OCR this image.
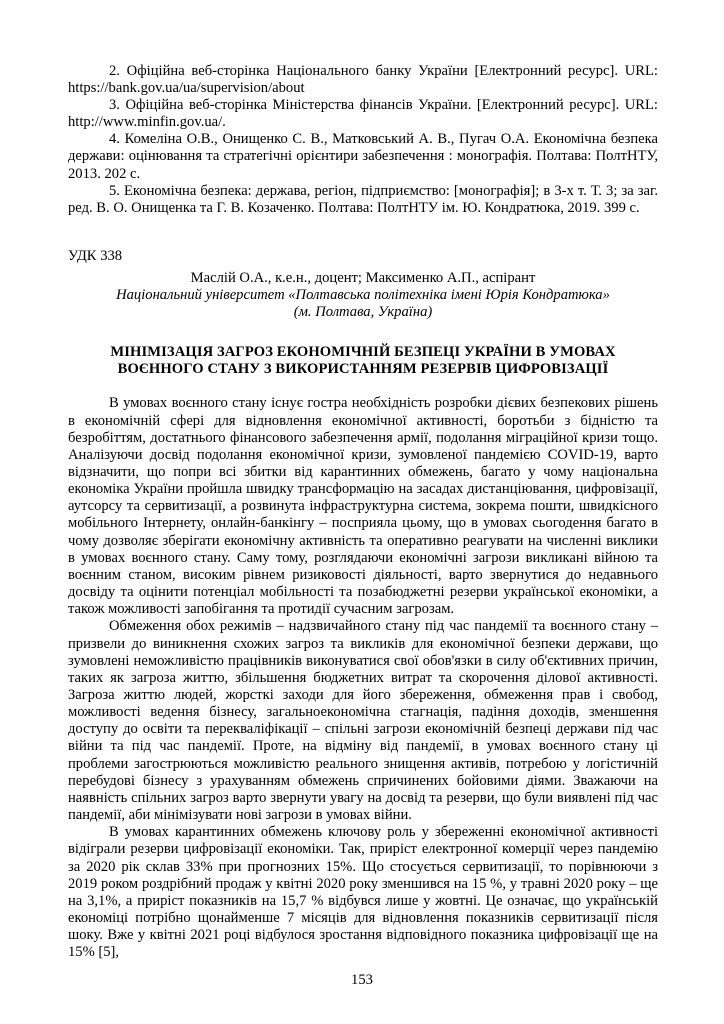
2. Офіційна веб-сторінка Національного банку України [Електронний ресурс]. URL: https://bank.gov.ua/ua/supervision/about

3. Офіційна веб-сторінка Міністерства фінансів України. [Електронний ресурс]. URL: http://www.minfin.gov.ua/.

4. Комеліна О.В., Онищенко С. В., Матковський А. В., Пугач О.А. Економічна безпека держави: оцінювання та стратегічні орієнтири забезпечення : монографія. Полтава: ПолтНТУ, 2013. 202 с.

5. Економічна безпека: держава, регіон, підприємство: [монографія]; в 3-х т. Т. 3; за заг. ред. В. О. Онищенка та Г. В. Козаченко. Полтава: ПолтНТУ ім. Ю. Кондратюка, 2019. 399 с.

УДК 338
Маслій О.А., к.е.н., доцент; Максименко А.П., аспірант
Національний університет «Полтавська політехніка імені Юрія Кондратюка»
(м. Полтава, Україна)
МІНІМІЗАЦІЯ ЗАГРОЗ ЕКОНОМІЧНІЙ БЕЗПЕЦІ УКРАЇНИ В УМОВАХ
ВОЄННОГО СТАНУ З ВИКОРИСТАННЯМ РЕЗЕРВІВ ЦИФРОВІЗАЦІЇ

В умовах воєнного стану існує гостра необхідність розробки дієвих безпекових рішень в економічній сфері для відновлення економічної активності, боротьби з бідністю та безробіттям, достатнього фінансового забезпечення армії, подолання міграційної кризи тощо. Аналізуючи досвід подолання економічної кризи, зумовленої пандемією COVID-19, варто відзначити, що попри всі збитки від карантинних обмежень, багато у чому національна економіка України пройшла швидку трансформацію на засадах дистанціювання, цифровізації, аутсорсу та сервитизації, а розвинута інфраструктурна система, зокрема пошти, швидкісного мобільного Інтернету, онлайн-банкінгу – посприяла цьому, що в умовах сьогодення багато в чому дозволяє зберігати економічну активність та оперативно реагувати на численні виклики в умовах воєнного стану. Саму тому, розглядаючи економічні загрози викликані війною та воєнним станом, високим рівнем ризиковості діяльності, варто звернутися до недавнього досвіду та оцінити потенціал мобільності та позабюджетні резерви української економіки, а також можливості запобігання та протидії сучасним загрозам.

Обмеження обох режимів – надзвичайного стану під час пандемії та воєнного стану – призвели до виникнення схожих загроз та викликів для економічної безпеки держави, що зумовлені неможливістю працівників виконуватися свої обов'язки в силу об'єктивних причин, таких як загроза життю, збільшення бюджетних витрат та скорочення ділової активності. Загроза життю людей, жорсткі заходи для його збереження, обмеження прав і свобод, можливості ведення бізнесу, загальноекономічна стагнація, падіння доходів, зменшення доступу до освіти та перекваліфікації – спільні загрози економічній безпеці держави під час війни та під час пандемії. Проте, на відміну від пандемії, в умовах воєнного стану ці проблеми загострюються можливістю реального знищення активів, потребою у логістичній перебудові бізнесу з урахуванням обмежень спричинених бойовими діями. Зважаючи на наявність спільних загроз варто звернути увагу на досвід та резерви, що були виявлені під час пандемії, аби мінімізувати нові загрози в умовах війни.

В умовах карантинних обмежень ключову роль у збереженні економічної активності відіграли резерви цифровізації економіки. Так, приріст електронної комерції через пандемію за 2020 рік склав 33% при прогнозних 15%. Що стосується сервитизації, то порівнюючи з 2019 роком роздрібний продаж у квітні 2020 року зменшився на 15 %, у травні 2020 року – ще на 3,1%, а приріст показників на 15,7 % відбувся лише у жовтні. Це означає, що українській економіці потрібно щонайменше 7 місяців для відновлення показників сервитизації після шоку. Вже у квітні 2021 році відбулося зростання відповідного показника цифровізації ще на 15% [5],

153
